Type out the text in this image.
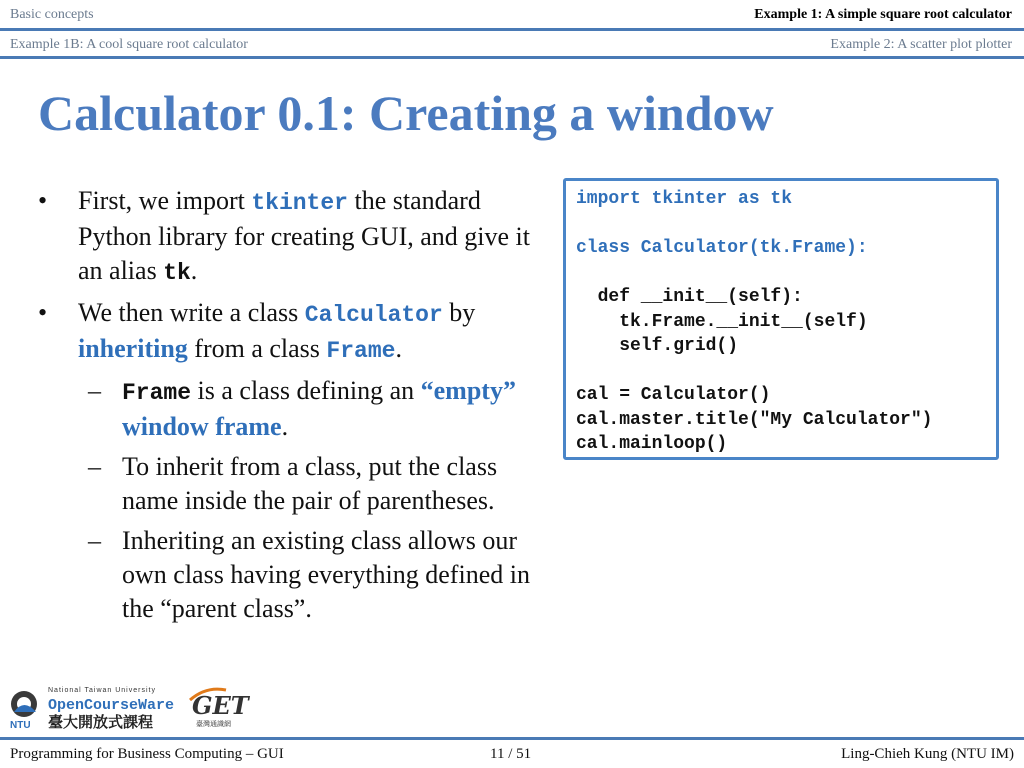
Basic concepts	Example 1: A simple square root calculator
Example 1B: A cool square root calculator	Example 2: A scatter plot plotter
Calculator 0.1: Creating a window
• First, we import tkinter the standard Python library for creating GUI, and give it an alias tk.
• We then write a class Calculator by inheriting from a class Frame.
– Frame is a class defining an “empty” window frame.
– To inherit from a class, put the class name inside the pair of parentheses.
– Inheriting an existing class allows our own class having everything defined in the “parent class”.
import tkinter as tk

class Calculator(tk.Frame):

def __init__(self):
tk.Frame.__init__(self)
self.grid()

cal = Calculator()
cal.master.title("My Calculator")
cal.mainloop()
NTU
National Taiwan University
OpenCourseWare
臺大開放式課程
GET
臺灣通識網
Programming for Business Computing – GUI	11 / 51	Ling-Chieh Kung (NTU IM)
